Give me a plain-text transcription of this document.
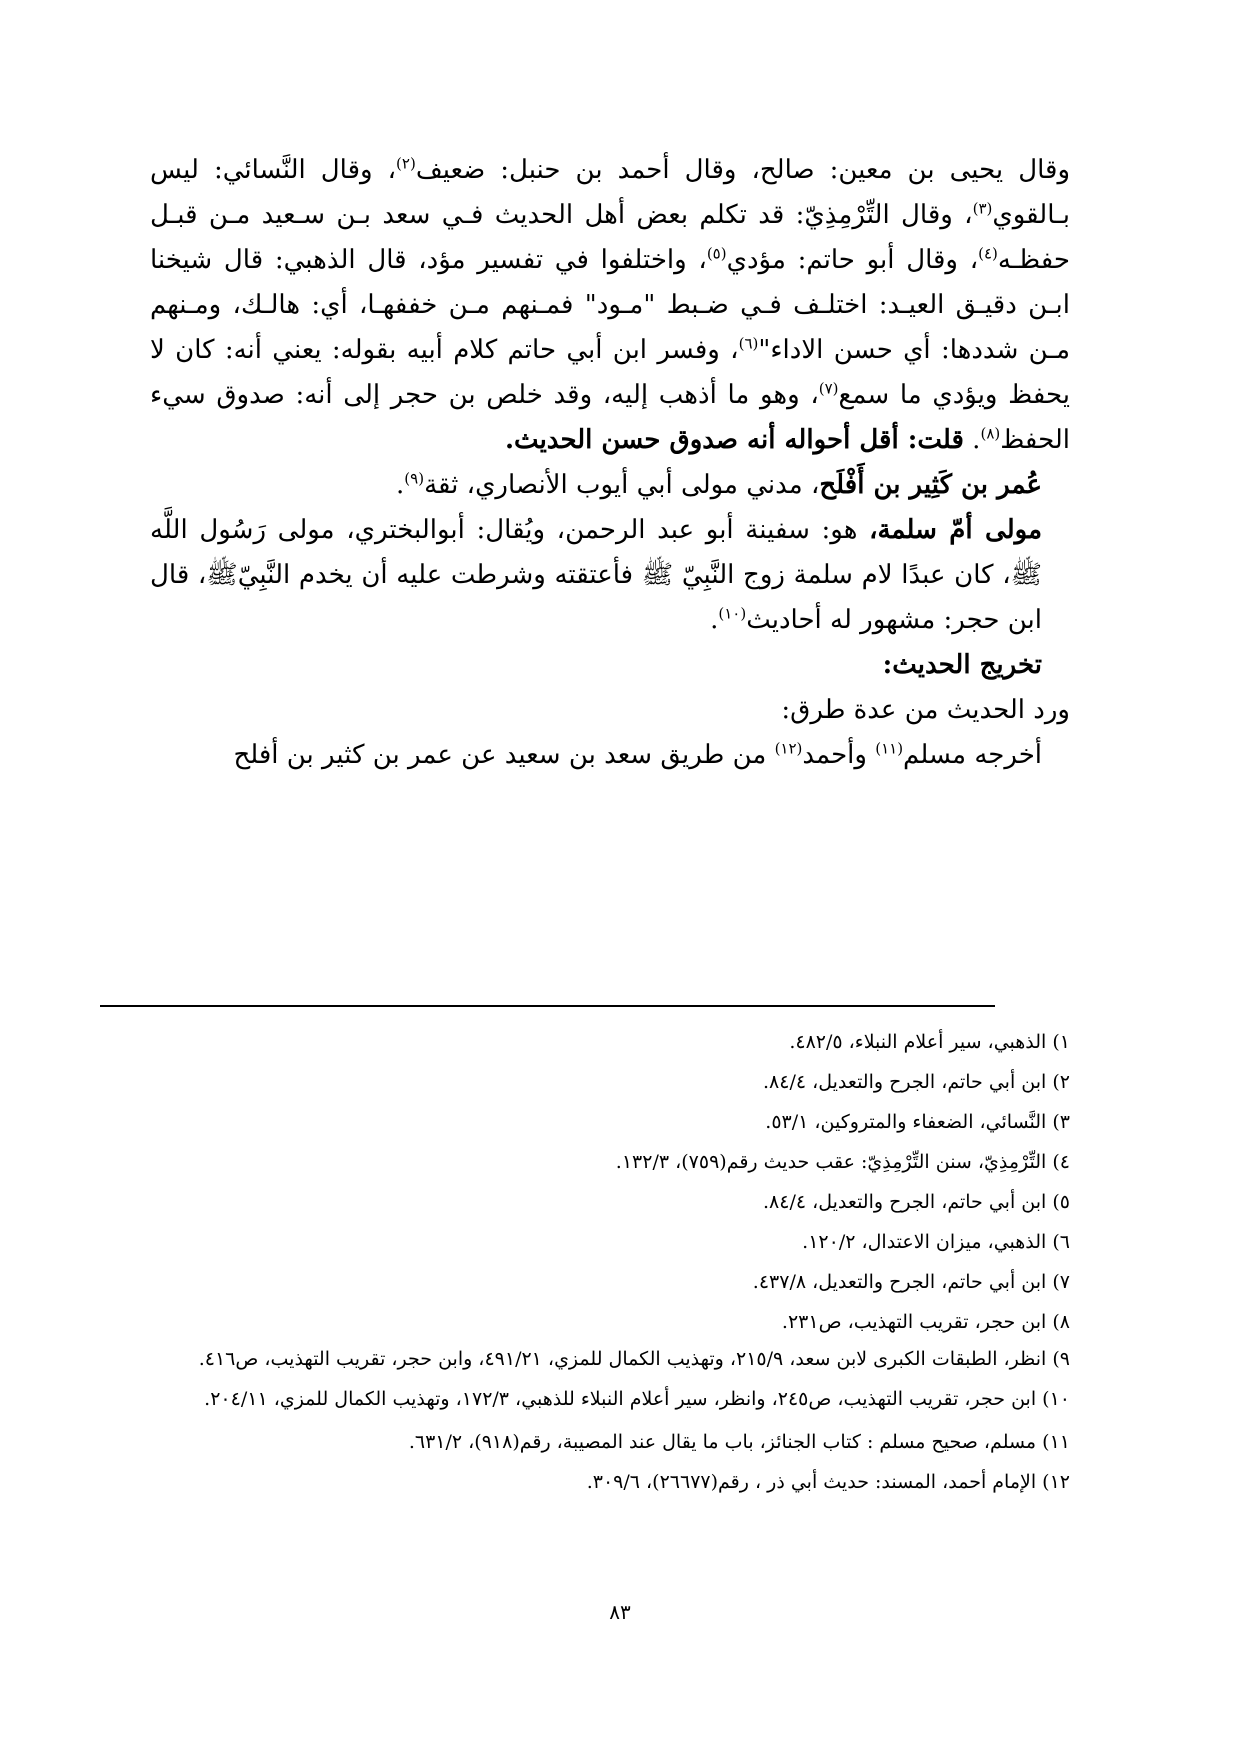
وقال يحيى بن معين: صالح، وقال أحمد بن حنبل: ضعيف$^{(٢)}$، وقال النَّسائي: ليس بـالقوي$^{(٣)}$، وقال التِّرْمِذِيّ: قد تكلم بعض أهل الحديث فـي سعد بـن سـعيد مـن قبـل حفظـه$^{(٤)}$، وقال أبو حاتم: مؤدي$^{(٥)}$، واختلفوا في تفسير مؤد، قال الذهبي: قال شيخنا ابـن دقيـق العيـد: اختلـف فـي ضـبط "مـود" فمـنهم مـن خففهـا، أي: هالـك، ومـنهم مـن شددها: أي حسن الاداء"$^{(٦)}$، وفسر ابن أبي حاتم كلام أبيه بقوله: يعني أنه: كان لا يحفظ ويؤدي ما سمع$^{(٧)}$، وهو ما أذهب إليه، وقد خلص بن حجر إلى أنه: صدوق سيء الحفظ$^{(٨)}$. قلت: أقل أحواله أنه صدوق حسن الحديث.

عُمر بن كَثِير بن أَفْلَح، مدني مولى أبي أيوب الأنصاري، ثقة$^{(٩)}$.

مولى أمّ سلمة، هو: سفينة أبو عبد الرحمن، ويُقال: أبوالبختري، مولى رَسُول اللَّه ﷺ، كان عبدًا لام سلمة زوج النَّبِيّ ﷺ فأعتقته وشرطت عليه أن يخدم النَّبِيّﷺ، قال ابن حجر: مشهور له أحاديث$^{(١٠)}$.

تخريج الحديث:

ورد الحديث من عدة طرق:

أخرجه مسلم$^{(١١)}$ وأحمد$^{(١٢)}$ من طريق سعد بن سعيد عن عمر بن كثير بن أفلح

١) الذهبي، سير أعلام النبلاء، ٤٨٢/٥.

٢) ابن أبي حاتم، الجرح والتعديل، ٨٤/٤.

٣) النَّسائي، الضعفاء والمتروكين، ٥٣/١.

٤) التِّرْمِذِيّ، سنن التِّرْمِذِيّ: عقب حديث رقم(٧٥٩)، ١٣٢/٣.

٥) ابن أبي حاتم، الجرح والتعديل، ٨٤/٤.

٦) الذهبي، ميزان الاعتدال، ١٢٠/٢.

٧) ابن أبي حاتم، الجرح والتعديل، ٤٣٧/٨.

٨) ابن حجر، تقريب التهذيب، ص٢٣١.

٩) انظر، الطبقات الكبرى لابن سعد، ٢١٥/٩، وتهذيب الكمال للمزي، ٤٩١/٢١، وابن حجر، تقريب التهذيب، ص٤١٦.

١٠) ابن حجر، تقريب التهذيب، ص٢٤٥، وانظر، سير أعلام النبلاء للذهبي، ١٧٢/٣، وتهذيب الكمال للمزي، ٢٠٤/١١.

١١) مسلم، صحيح مسلم : كتاب الجنائز، باب ما يقال عند المصيبة، رقم(٩١٨)، ٦٣١/٢.

١٢) الإمام أحمد، المسند: حديث أبي ذر ، رقم(٢٦٦٧٧)، ٣٠٩/٦.

٨٣
